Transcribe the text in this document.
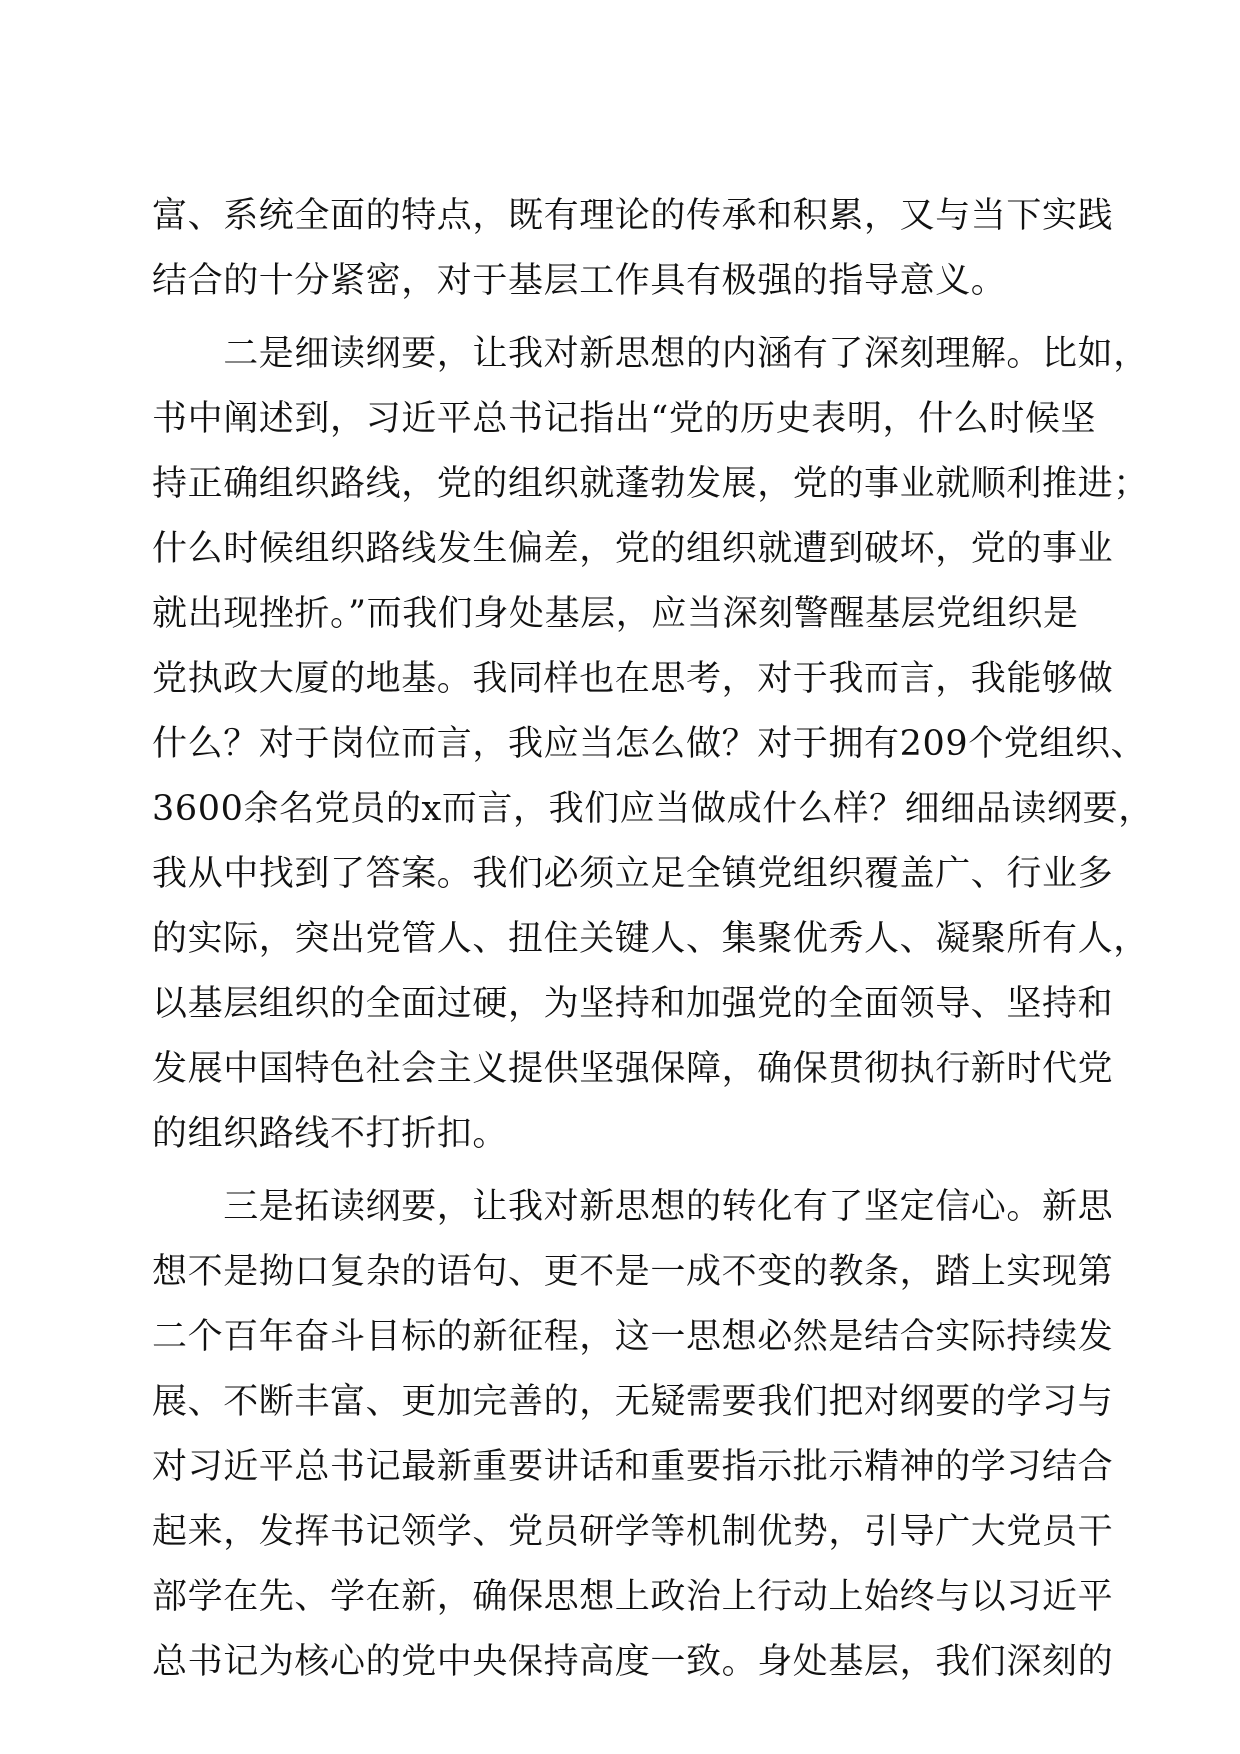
富、系统全面的特点，既有理论的传承和积累，又与当下实践
结合的十分紧密，对于基层工作具有极强的指导意义。
　　二是细读纲要，让我对新思想的内涵有了深刻理解。比如，
书中阐述到，习近平总书记指出“党的历史表明，什么时候坚
持正确组织路线，党的组织就蓬勃发展，党的事业就顺利推进；
什么时候组织路线发生偏差，党的组织就遭到破坏，党的事业
就出现挫折。”而我们身处基层，应当深刻警醒基层党组织是
党执政大厦的地基。我同样也在思考，对于我而言，我能够做
什么？对于岗位而言，我应当怎么做？对于拥有209个党组织、
3600余名党员的x而言，我们应当做成什么样？细细品读纲要，
我从中找到了答案。我们必须立足全镇党组织覆盖广、行业多
的实际，突出党管人、扭住关键人、集聚优秀人、凝聚所有人，
以基层组织的全面过硬，为坚持和加强党的全面领导、坚持和
发展中国特色社会主义提供坚强保障，确保贯彻执行新时代党
的组织路线不打折扣。
　　三是拓读纲要，让我对新思想的转化有了坚定信心。新思
想不是拗口复杂的语句、更不是一成不变的教条，踏上实现第
二个百年奋斗目标的新征程，这一思想必然是结合实际持续发
展、不断丰富、更加完善的，无疑需要我们把对纲要的学习与
对习近平总书记最新重要讲话和重要指示批示精神的学习结合
起来，发挥书记领学、党员研学等机制优势，引导广大党员干
部学在先、学在新，确保思想上政治上行动上始终与以习近平
总书记为核心的党中央保持高度一致。身处基层，我们深刻的
